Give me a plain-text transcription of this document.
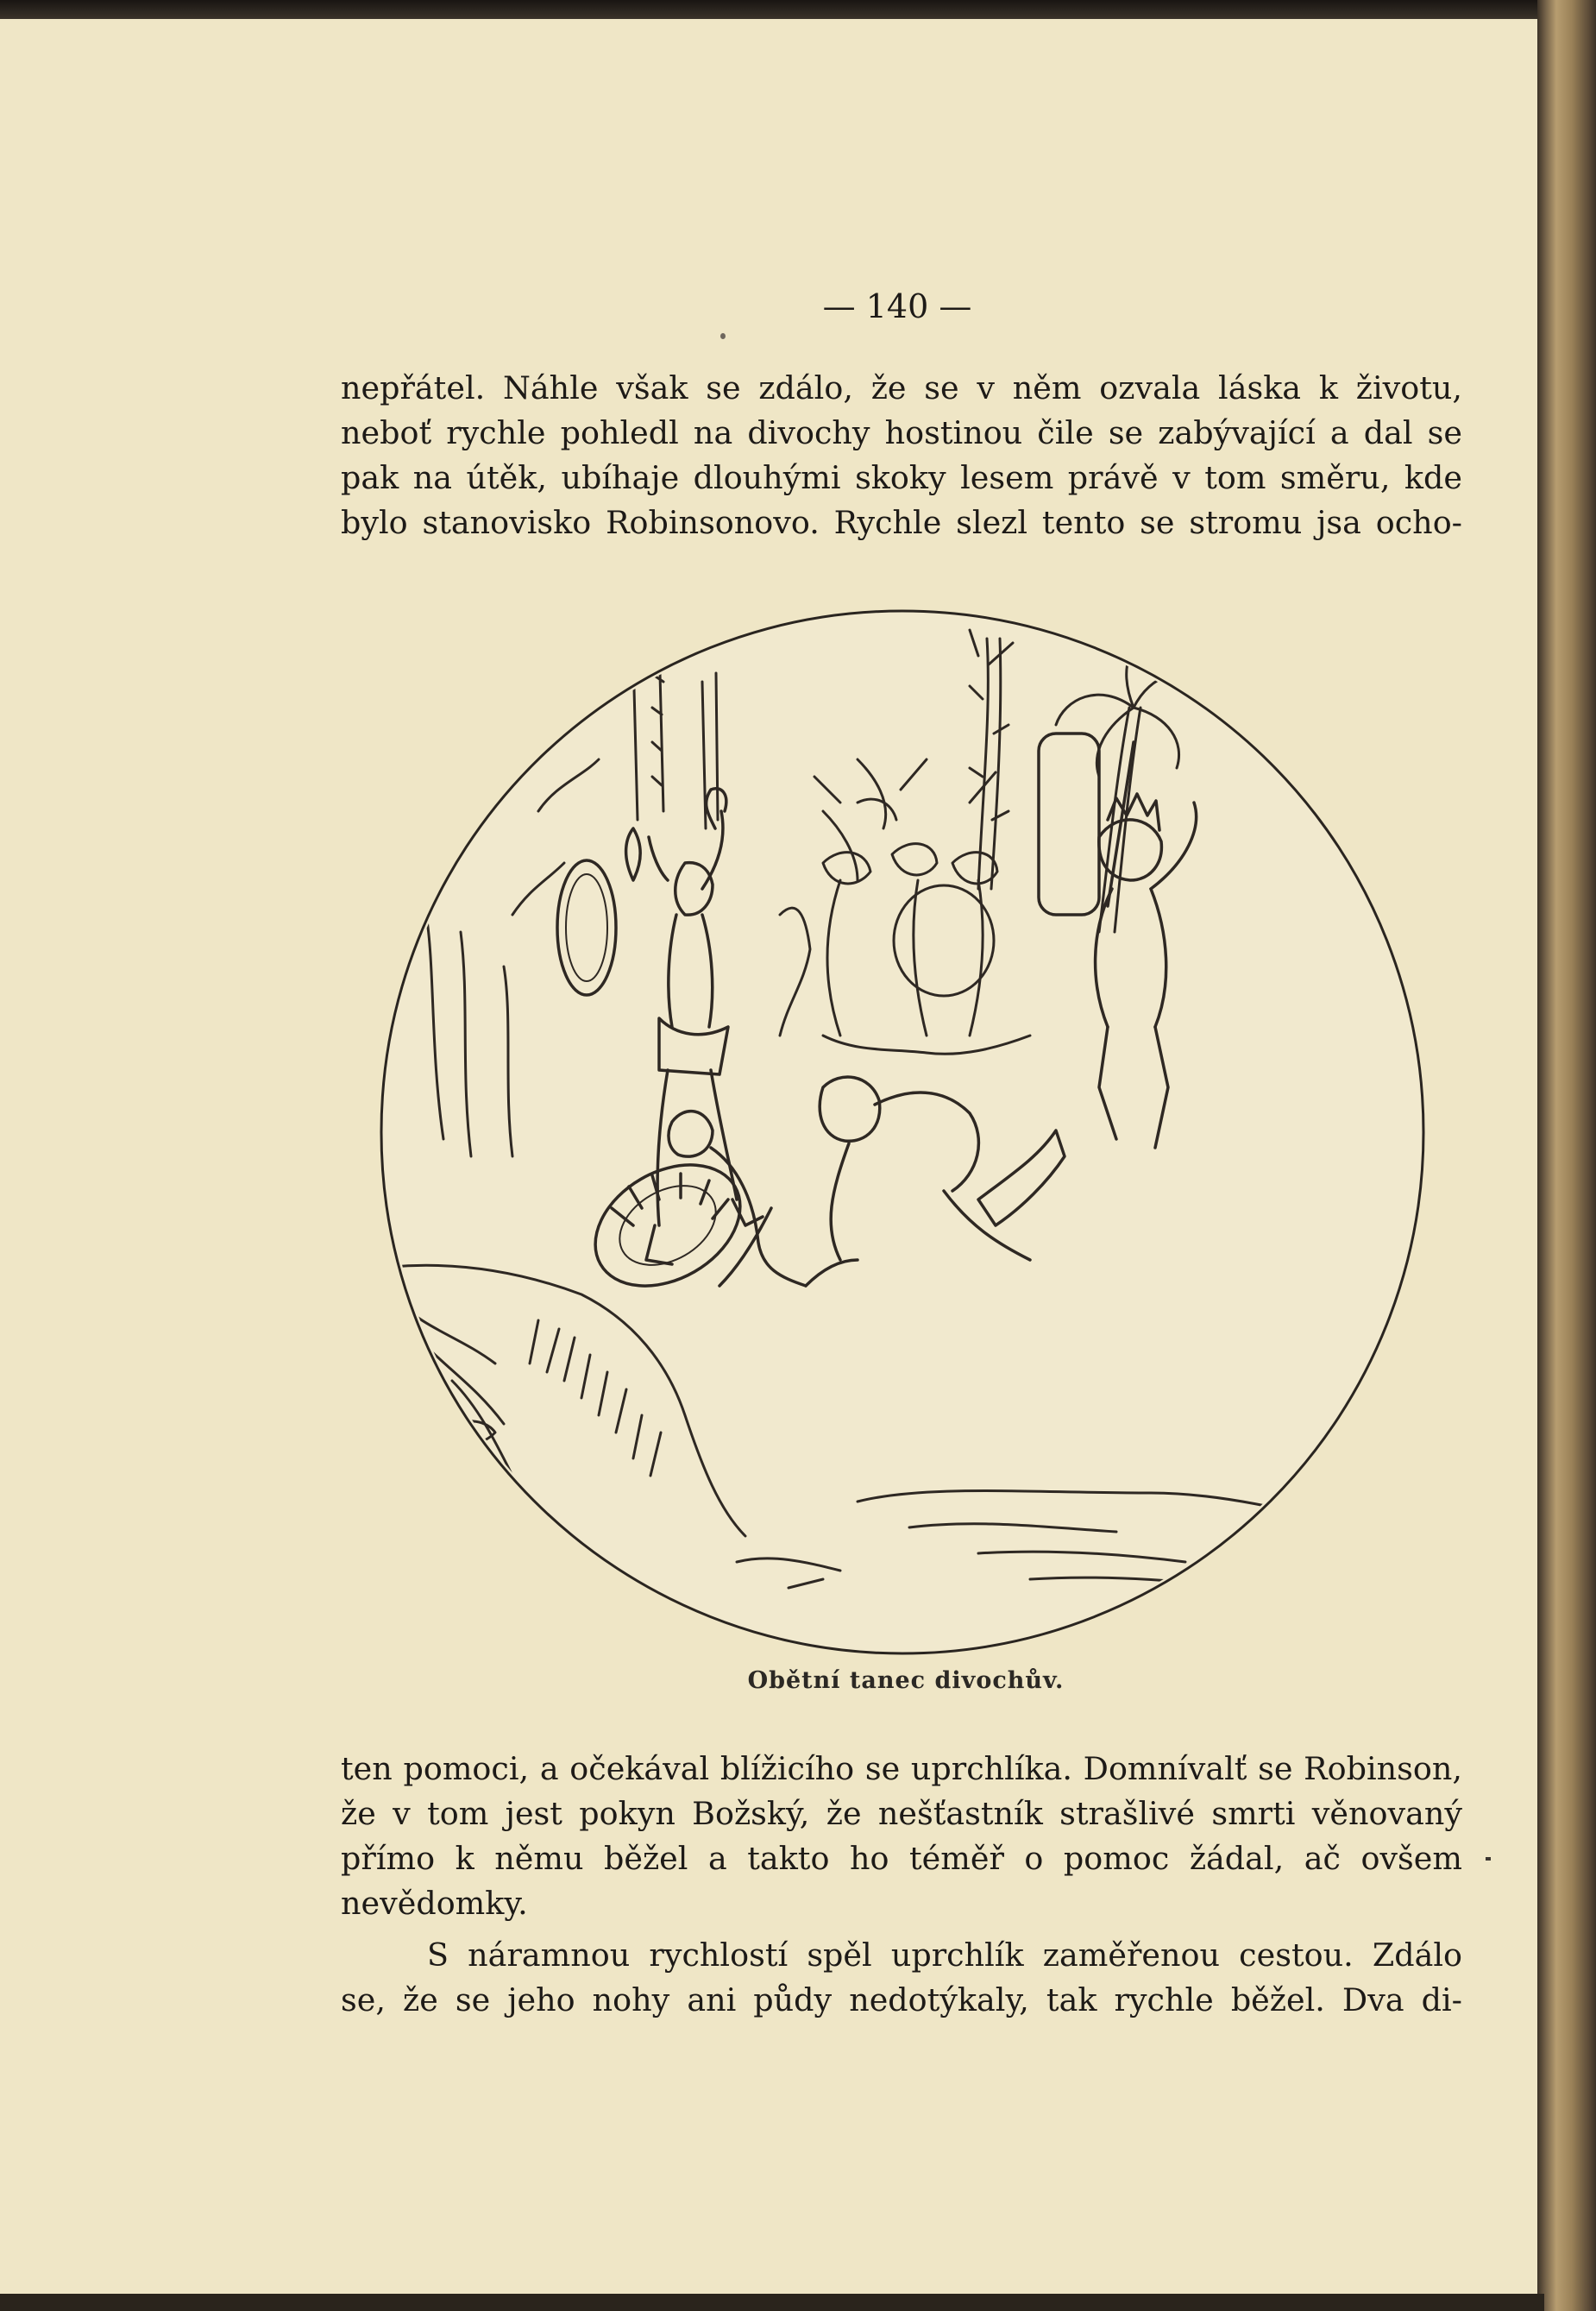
— 140 —
nepřátel. Náhle však se zdálo, že se v něm ozvala láska k životu,
neboť rychle pohledl na divochy hostinou čile se zabývající a dal se
pak na útěk, ubíhaje dlouhými skoky lesem právě v tom směru, kde
bylo stanovisko Robinsonovo. Rychle slezl tento se stromu jsa ocho-
Obětní tanec divochův.
ten pomoci, a očekával blížicího se uprchlíka. Domnívalť se Robinson,
že v tom jest pokyn Božský, že nešťastník strašlivé smrti věnovaný
přímo k němu běžel a takto ho téměř o pomoc žádal, ač ovšem
nevědomky.
S náramnou rychlostí spěl uprchlík zaměřenou cestou. Zdálo
se, že se jeho nohy ani půdy nedotýkaly, tak rychle běžel. Dva di-
